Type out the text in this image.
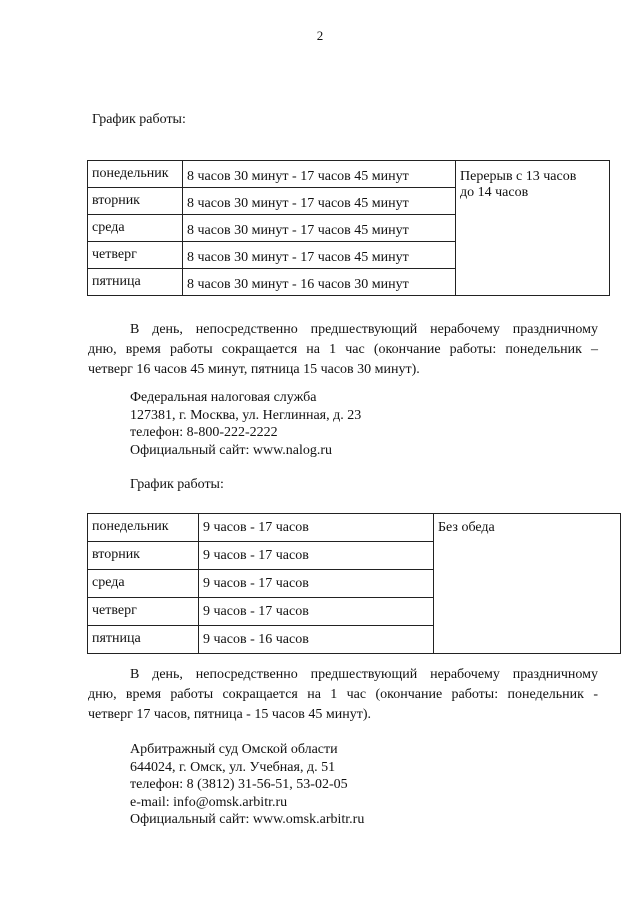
2
График работы:
понедельник	8 часов 30 минут - 17 часов 45 минут	Перерыв с 13 часов
до 14 часов

вторник	8 часов 30 минут - 17 часов 45 минут	
среда	8 часов 30 минут - 17 часов 45 минут	
четверг	8 часов 30 минут - 17 часов 45 минут	
пятница	8 часов 30 минут - 16 часов 30 минут	
В день, непосредственно предшествующий нерабочему праздничному
дню, время работы сокращается на 1 час (окончание работы: понедельник –
четверг 16 часов 45 минут, пятница 15 часов 30 минут).
Федеральная налоговая служба
127381, г. Москва, ул. Неглинная, д. 23
телефон: 8-800-222-2222
Официальный сайт: www.nalog.ru
График работы:
понедельник	9 часов - 17 часов	Без обеда
вторник	9 часов - 17 часов	
среда	9 часов - 17 часов	
четверг	9 часов - 17 часов	
пятница	9 часов - 16 часов	
В день, непосредственно предшествующий нерабочему праздничному
дню, время работы сокращается на 1 час (окончание работы: понедельник -
четверг 17 часов, пятница - 15 часов 45 минут).
Арбитражный суд Омской области
644024, г. Омск, ул. Учебная, д. 51
телефон: 8 (3812) 31-56-51, 53-02-05
e-mail: info@omsk.arbitr.ru
Официальный сайт: www.omsk.arbitr.ru
